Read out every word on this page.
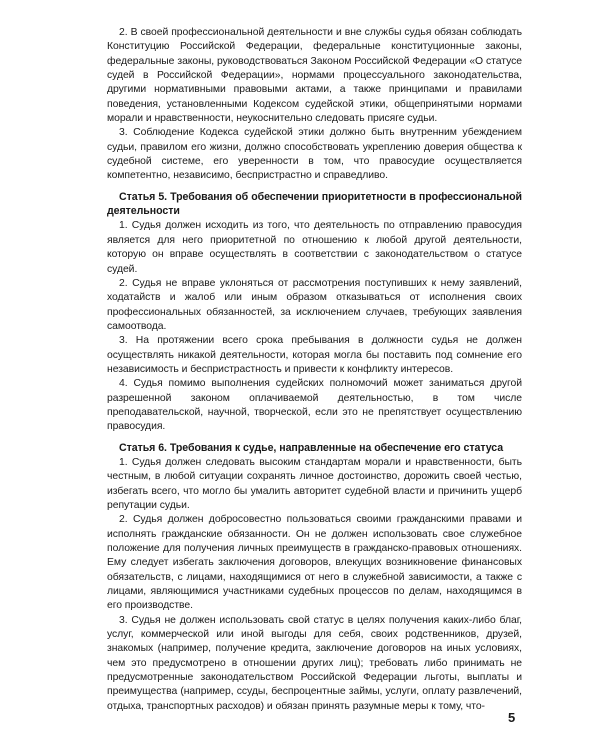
2. В своей профессиональной деятельности и вне службы судья обязан соблюдать Конституцию Российской Федерации, федеральные конституционные законы, федеральные законы, руководствоваться Законом Российской Федерации «О статусе судей в Российской Федерации», нормами процессуального законодательства, другими нормативными правовыми актами, а также принципами и правилами поведения, установленными Кодексом судейской этики, общепринятыми нормами морали и нравственности, неукоснительно следовать присяге судьи.

3. Соблюдение Кодекса судейской этики должно быть внутренним убеждением судьи, правилом его жизни, должно способствовать укреплению доверия общества к судебной системе, его уверенности в том, что правосудие осуществляется компетентно, независимо, беспристрастно и справедливо.

Статья 5. Требования об обеспечении приоритетности в профессиональной деятельности

1. Судья должен исходить из того, что деятельность по отправлению правосудия является для него приоритетной по отношению к любой другой деятельности, которую он вправе осуществлять в соответствии с законодательством о статусе судей.

2. Судья не вправе уклоняться от рассмотрения поступивших к нему заявлений, ходатайств и жалоб или иным образом отказываться от исполнения своих профессиональных обязанностей, за исключением случаев, требующих заявления самоотвода.

3. На протяжении всего срока пребывания в должности судья не должен осуществлять никакой деятельности, которая могла бы поставить под сомнение его независимость и беспристрастность и привести к конфликту интересов.

4. Судья помимо выполнения судейских полномочий может заниматься другой разрешенной законом оплачиваемой деятельностью, в том числе преподавательской, научной, творческой, если это не препятствует осуществлению правосудия.

Статья 6. Требования к судье, направленные на обеспечение его статуса

1. Судья должен следовать высоким стандартам морали и нравственности, быть честным, в любой ситуации сохранять личное достоинство, дорожить своей честью, избегать всего, что могло бы умалить авторитет судебной власти и причинить ущерб репутации судьи.

2. Судья должен добросовестно пользоваться своими гражданскими правами и исполнять гражданские обязанности. Он не должен использовать свое служебное положение для получения личных преимуществ в гражданско-правовых отношениях. Ему следует избегать заключения договоров, влекущих возникновение финансовых обязательств, с лицами, находящимися от него в служебной зависимости, а также с лицами, являющимися участниками судебных процессов по делам, находящимся в его производстве.

3. Судья не должен использовать свой статус в целях получения каких-либо благ, услуг, коммерческой или иной выгоды для себя, своих родственников, друзей, знакомых (например, получение кредита, заключение договоров на иных условиях, чем это предусмотрено в отношении других лиц); требовать либо принимать не предусмотренные законодательством Российской Федерации льготы, выплаты и преимущества (например, ссуды, беспроцентные займы, услуги, оплату развлечений, отдыха, транспортных расходов) и обязан принять разумные меры к тому, что-

5
